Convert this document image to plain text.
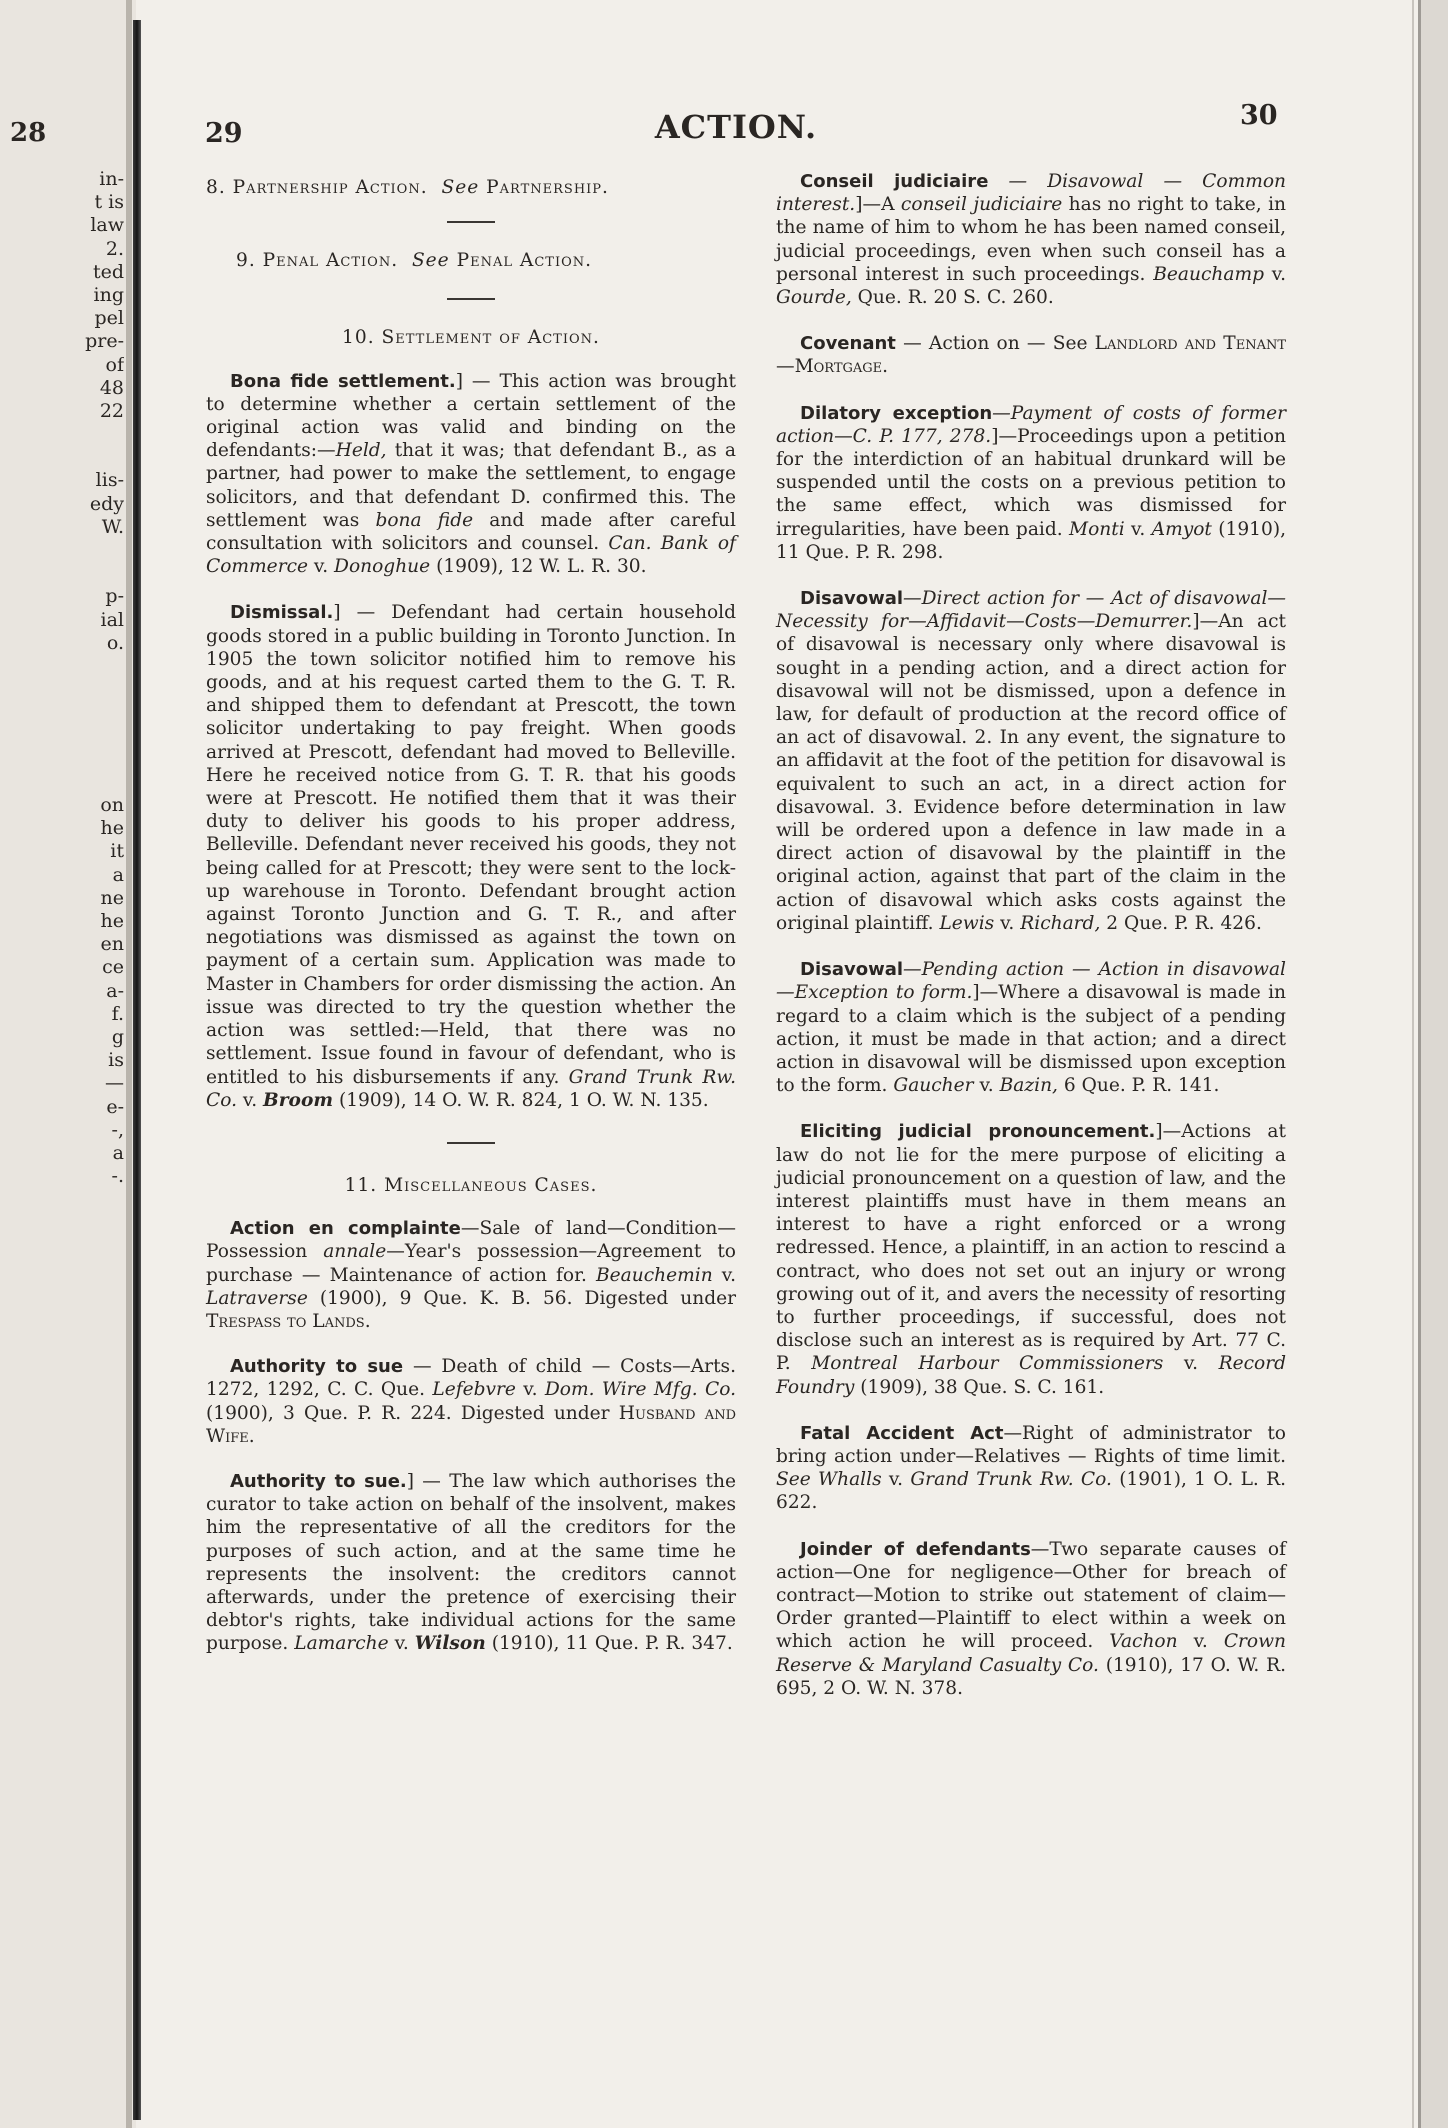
28
in-
t is
law
2.
ted
ing
pel
pre-
of
48
22
lis-
edy
W.
p-
ial
o.
on
he
it
a
ne
he
en
ce
a-
f.
g
is
—
e-
-,
a
-.
29	ACTION.	30
8. Partnership Action. See Partnership.
9. Penal Action. See Penal Action.
10. Settlement of Action.

Bona fide settlement.] — This action was brought to determine whether a certain settlement of the original action was valid and binding on the defendants:—Held, that it was; that defendant B., as a partner, had power to make the settlement, to engage solicitors, and that defendant D. confirmed this. The settlement was bona fide and made after careful consultation with solicitors and counsel. Can. Bank of Commerce v. Donoghue (1909), 12 W. L. R. 30.

Dismissal.] — Defendant had certain household goods stored in a public building in Toronto Junction. In 1905 the town solicitor notified him to remove his goods, and at his request carted them to the G. T. R. and shipped them to defendant at Prescott, the town solicitor undertaking to pay freight. When goods arrived at Prescott, defendant had moved to Belleville. Here he received notice from G. T. R. that his goods were at Prescott. He notified them that it was their duty to deliver his goods to his proper address, Belleville. Defendant never received his goods, they not being called for at Prescott; they were sent to the lock-up warehouse in Toronto. Defendant brought action against Toronto Junction and G. T. R., and after negotiations was dismissed as against the town on payment of a certain sum. Application was made to Master in Chambers for order dismissing the action. An issue was directed to try the question whether the action was settled:—Held, that there was no settlement. Issue found in favour of defendant, who is entitled to his disbursements if any. Grand Trunk Rw. Co. v. Broom (1909), 14 O. W. R. 824, 1 O. W. N. 135.

11. Miscellaneous Cases.

Action en complainte—Sale of land—Condition—Possession annale—Year's possession—Agreement to purchase — Maintenance of action for. Beauchemin v. Latraverse (1900), 9 Que. K. B. 56. Digested under Trespass to Lands.

Authority to sue — Death of child — Costs—Arts. 1272, 1292, C. C. Que. Lefebvre v. Dom. Wire Mfg. Co. (1900), 3 Que. P. R. 224. Digested under Husband and Wife.

Authority to sue.] — The law which authorises the curator to take action on behalf of the insolvent, makes him the representative of all the creditors for the purposes of such action, and at the same time he represents the insolvent: the creditors cannot afterwards, under the pretence of exercising their debtor's rights, take individual actions for the same purpose. Lamarche v. Wilson (1910), 11 Que. P. R. 347.

Conseil judiciaire — Disavowal — Common interest.]—A conseil judiciaire has no right to take, in the name of him to whom he has been named conseil, judicial proceedings, even when such conseil has a personal interest in such proceedings. Beauchamp v. Gourde, Que. R. 20 S. C. 260.

Covenant — Action on — See Landlord and Tenant—Mortgage.

Dilatory exception—Payment of costs of former action—C. P. 177, 278.]—Proceedings upon a petition for the interdiction of an habitual drunkard will be suspended until the costs on a previous petition to the same effect, which was dismissed for irregularities, have been paid. Monti v. Amyot (1910), 11 Que. P. R. 298.

Disavowal—Direct action for — Act of disavowal—Necessity for—Affidavit—Costs—Demurrer.]—An act of disavowal is necessary only where disavowal is sought in a pending action, and a direct action for disavowal will not be dismissed, upon a defence in law, for default of production at the record office of an act of disavowal. 2. In any event, the signature to an affidavit at the foot of the petition for disavowal is equivalent to such an act, in a direct action for disavowal. 3. Evidence before determination in law will be ordered upon a defence in law made in a direct action of disavowal by the plaintiff in the original action, against that part of the claim in the action of disavowal which asks costs against the original plaintiff. Lewis v. Richard, 2 Que. P. R. 426.

Disavowal—Pending action — Action in disavowal—Exception to form.]—Where a disavowal is made in regard to a claim which is the subject of a pending action, it must be made in that action; and a direct action in disavowal will be dismissed upon exception to the form. Gaucher v. Bazin, 6 Que. P. R. 141.

Eliciting judicial pronouncement.]—Actions at law do not lie for the mere purpose of eliciting a judicial pronouncement on a question of law, and the interest plaintiffs must have in them means an interest to have a right enforced or a wrong redressed. Hence, a plaintiff, in an action to rescind a contract, who does not set out an injury or wrong growing out of it, and avers the necessity of resorting to further proceedings, if successful, does not disclose such an interest as is required by Art. 77 C. P. Montreal Harbour Commissioners v. Record Foundry (1909), 38 Que. S. C. 161.

Fatal Accident Act—Right of administrator to bring action under—Relatives — Rights of time limit. See Whalls v. Grand Trunk Rw. Co. (1901), 1 O. L. R. 622.

Joinder of defendants—Two separate causes of action—One for negligence—Other for breach of contract—Motion to strike out statement of claim—Order granted—Plaintiff to elect within a week on which action he will proceed. Vachon v. Crown Reserve & Maryland Casualty Co. (1910), 17 O. W. R. 695, 2 O. W. N. 378.
